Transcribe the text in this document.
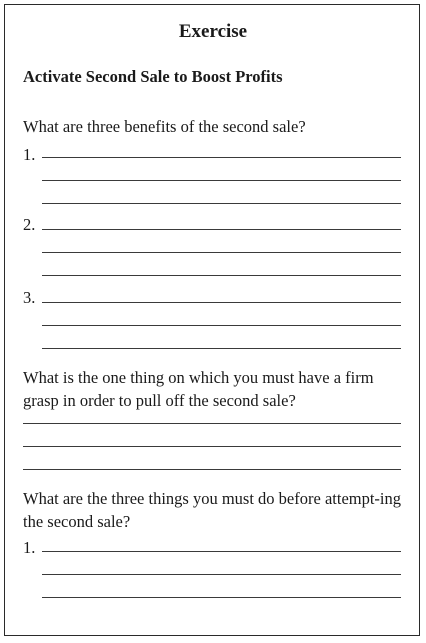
Exercise
Activate Second Sale to Boost Profits
What are three benefits of the second sale?
1.
2.
3.
What is the one thing on which you must have a firm grasp in order to pull off the second sale?
What are the three things you must do before attempt-ing the second sale?
1.
